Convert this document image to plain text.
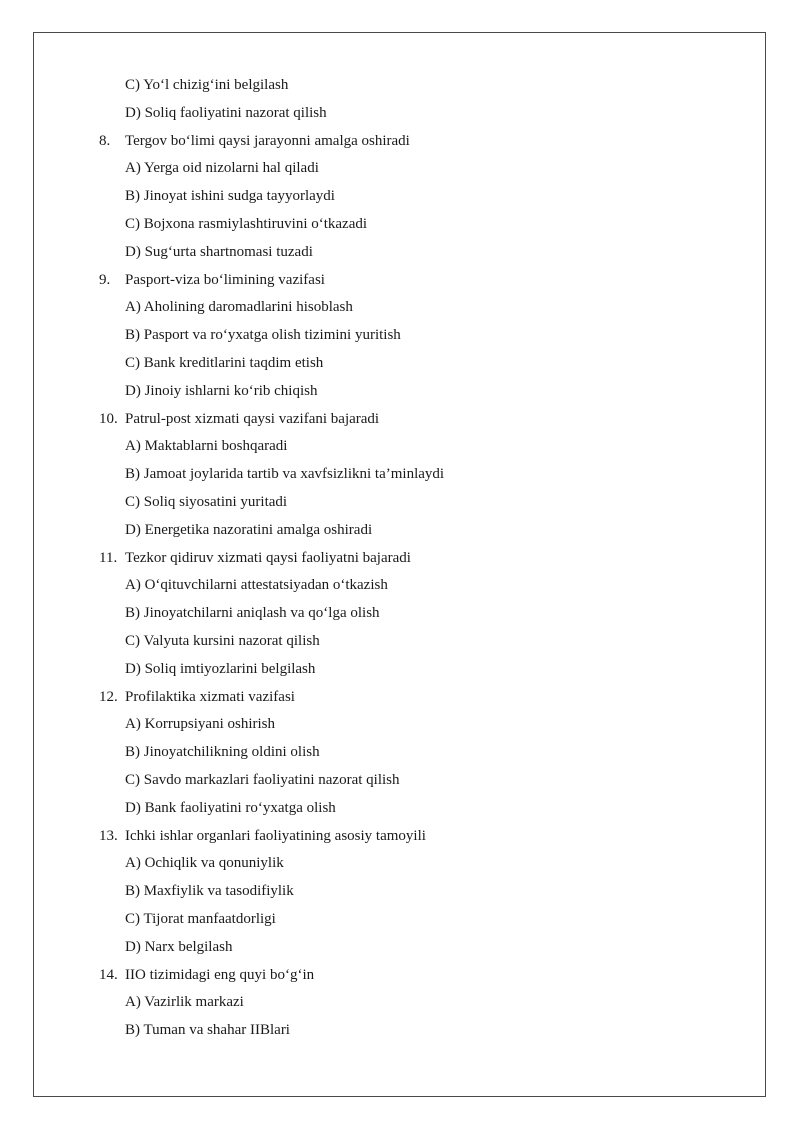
C) Yo‘l chizig‘ini belgilash
D) Soliq faoliyatini nazorat qilish
8. Tergov bo‘limi qaysi jarayonni amalga oshiradi
A) Yerga oid nizolarni hal qiladi
B) Jinoyat ishini sudga tayyorlaydi
C) Bojxona rasmiylashtiruvini o‘tkazadi
D) Sug‘urta shartnomasi tuzadi
9. Pasport-viza bo‘limining vazifasi
A) Aholining daromadlarini hisoblash
B) Pasport va ro‘yxatga olish tizimini yuritish
C) Bank kreditlarini taqdim etish
D) Jinoiy ishlarni ko‘rib chiqish
10. Patrul-post xizmati qaysi vazifani bajaradi
A) Maktablarni boshqaradi
B) Jamoat joylarida tartib va xavfsizlikni ta’minlaydi
C) Soliq siyosatini yuritadi
D) Energetika nazoratini amalga oshiradi
11. Tezkor qidiruv xizmati qaysi faoliyatni bajaradi
A) O‘qituvchilarni attestatsiyadan o‘tkazish
B) Jinoyatchilarni aniqlash va qo‘lga olish
C) Valyuta kursini nazorat qilish
D) Soliq imtiyozlarini belgilash
12. Profilaktika xizmati vazifasi
A) Korrupsiyani oshirish
B) Jinoyatchilikning oldini olish
C) Savdo markazlari faoliyatini nazorat qilish
D) Bank faoliyatini ro‘yxatga olish
13. Ichki ishlar organlari faoliyatining asosiy tamoyili
A) Ochiqlik va qonuniylik
B) Maxfiylik va tasodifiylik
C) Tijorat manfaatdorligi
D) Narx belgilash
14. IIO tizimidagi eng quyi bo‘g‘in
A) Vazirlik markazi
B) Tuman va shahar IIBlari
